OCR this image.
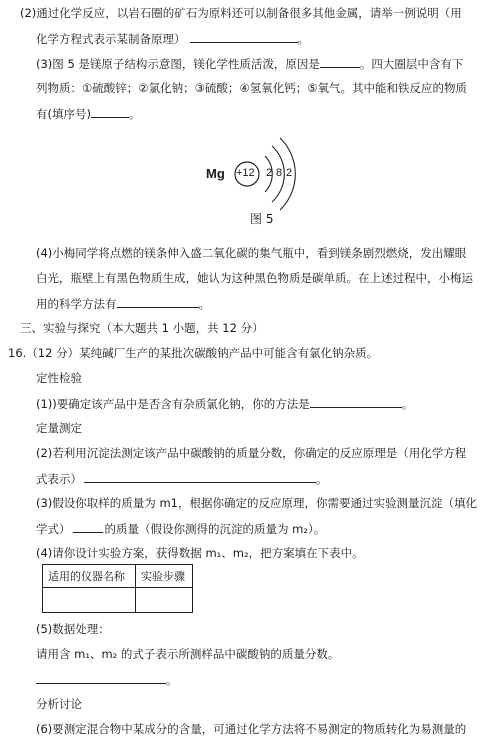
(2)通过化学反应，以岩石圈的矿石为原料还可以制备很多其他金属，请举一例说明（用
化学方程式表示某制备原理）	。
(3)图 5 是镁原子结构示意图，镁化学性质活泼，原因是	。四大圈层中含有下
列物质：①硫酸锌；②氯化钠；③硫酸；④氢氧化钙；⑤氧气。其中能和铁反应的物质
有(填序号)	。
Mg +12 2 8 2
图 5
(4)小梅同学将点燃的镁条伸入盛二氧化碳的集气瓶中，看到镁条剧烈燃烧，发出耀眼
白光，瓶壁上有黑色物质生成，她认为这种黑色物质是碳单质。在上述过程中，小梅运
用的科学方法有	。
三、实验与探究（本大题共 1 小题，共 12 分）
16.（12 分）某纯碱厂生产的某批次碳酸钠产品中可能含有氯化钠杂质。
定性检验
(1))要确定该产品中是否含有杂质氯化钠，你的方法是	。
定量测定
(2)若利用沉淀法测定该产品中碳酸钠的质量分数，你确定的反应原理是（用化学方程
式表示）	。
(3)假设你取样的质量为 m1，根据你确定的反应原理，你需要通过实验测量沉淀（填化
学式）	的质量（假设你测得的沉淀的质量为 m₂）。
(4)请你设计实验方案，获得数据 m₁、m₂，把方案填在下表中。
适用的仪器名称	实验步骤

(5)数据处理：
请用含 m₁、m₂ 的式子表示所测样品中碳酸钠的质量分数。
。
分析讨论
(6)要测定混合物中某成分的含量，可通过化学方法将不易测定的物质转化为易测量的
